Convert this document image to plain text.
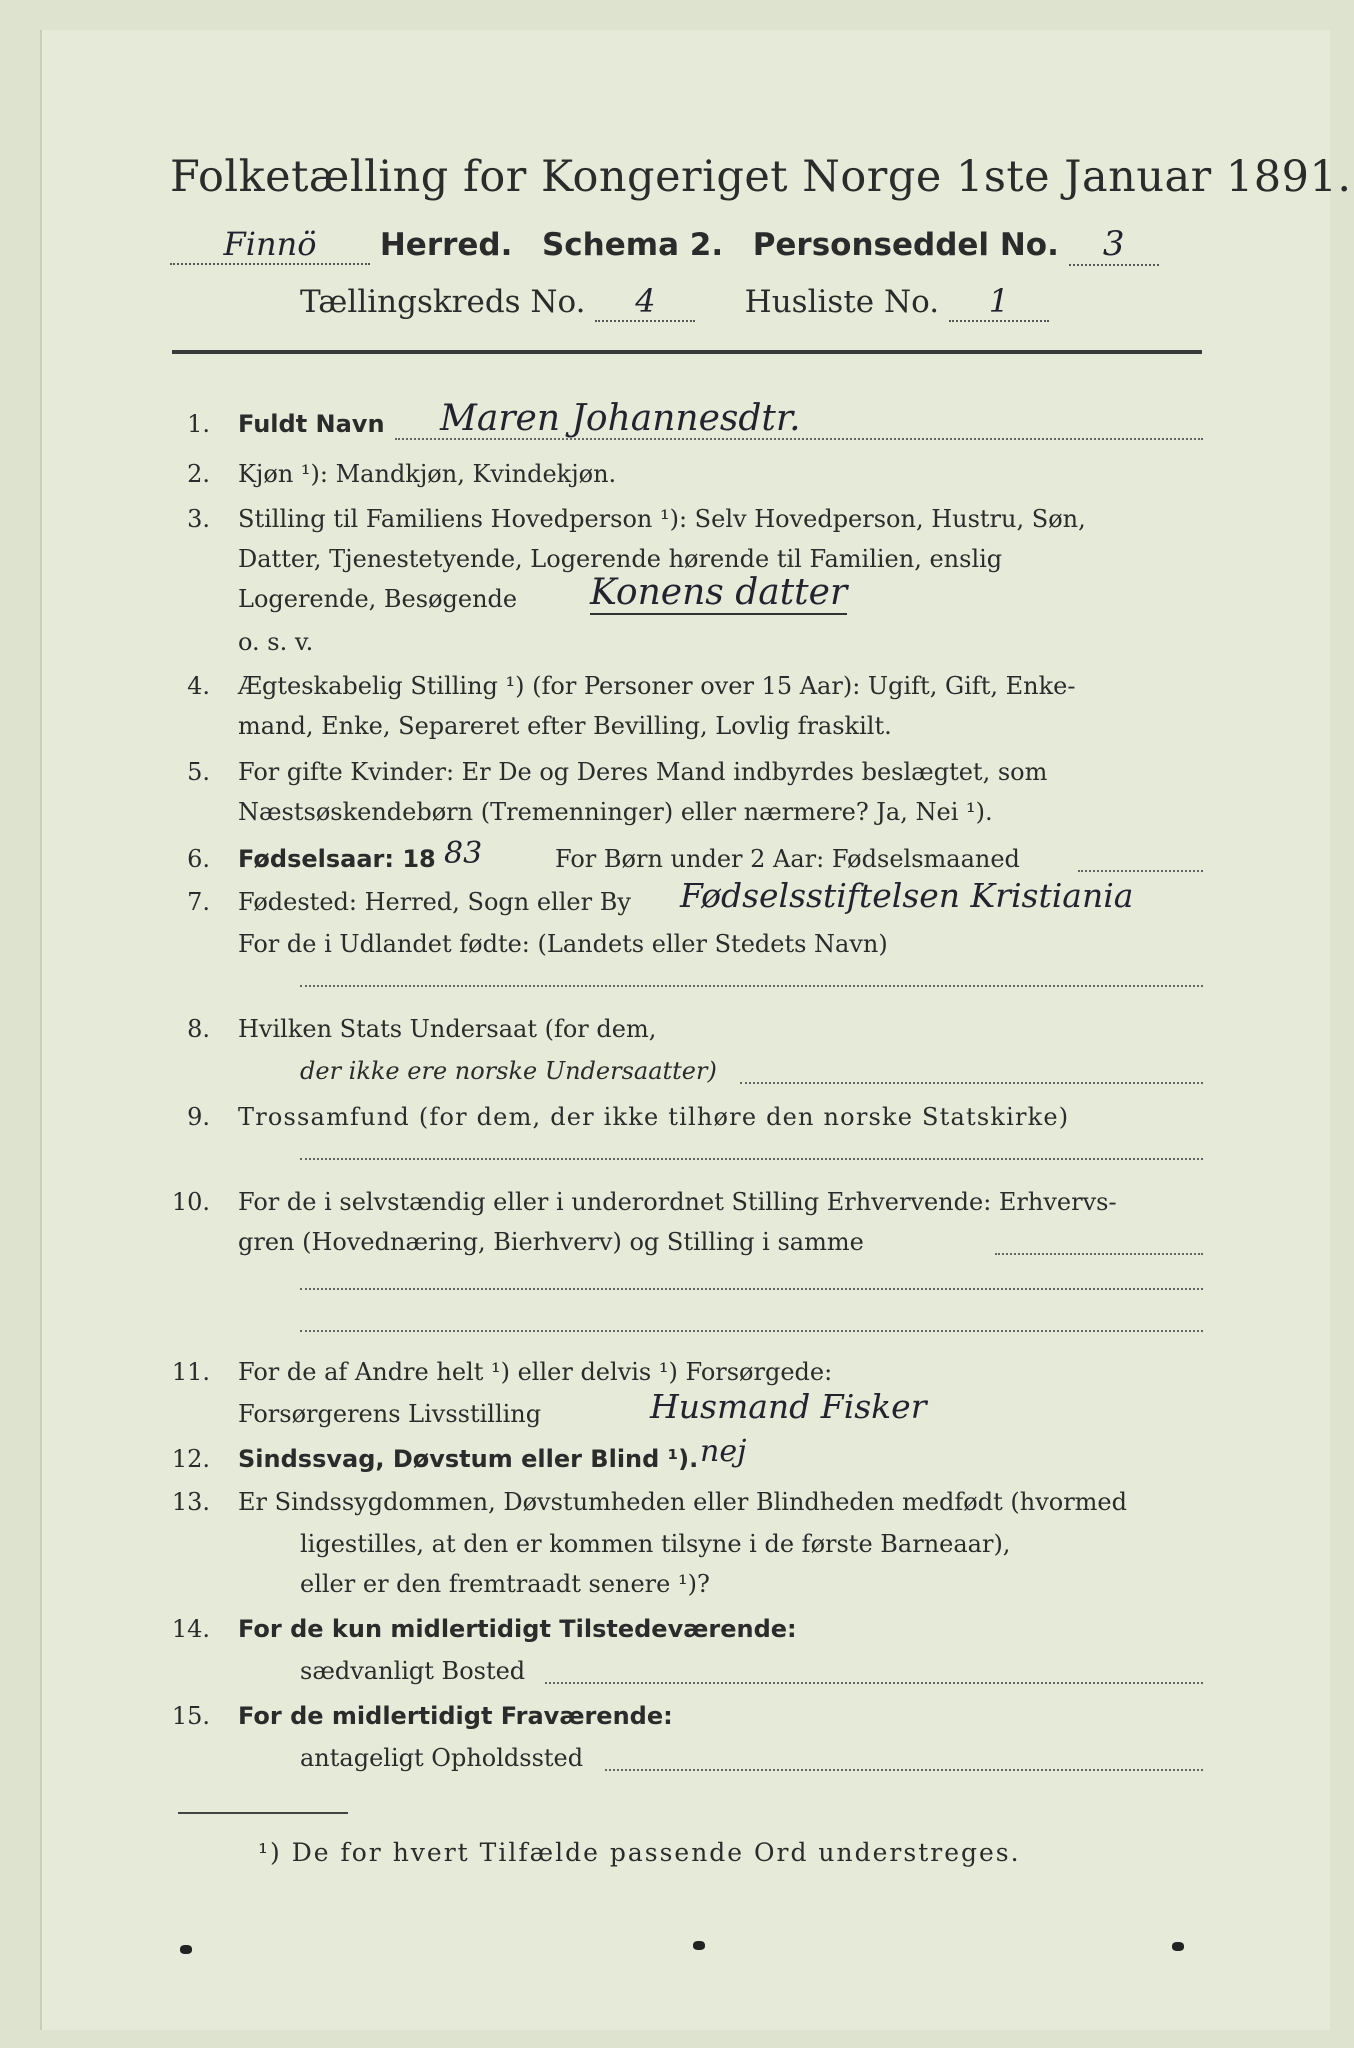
Folketælling for Kongeriget Norge 1ste Januar 1891.
Finnö Herred. Schema 2. Personseddel No. 3
Tællingskreds No. 4	Husliste No. 1
1. Fuldt Navn Maren Johannesdtr.
2. Kjøn ¹): Mandkjøn, Kvindekjøn.
3. Stilling til Familiens Hovedperson ¹): Selv Hovedperson, Hustru, Søn,
Datter, Tjenestetyende, Logerende hørende til Familien, enslig
Logerende, Besøgende Konens datter
o. s. v.
4. Ægteskabelig Stilling ¹) (for Personer over 15 Aar): Ugift, Gift, Enke-
mand, Enke, Separeret efter Bevilling, Lovlig fraskilt.
5. For gifte Kvinder: Er De og Deres Mand indbyrdes beslægtet, som
Næstsøskendebørn (Tremenninger) eller nærmere? Ja, Nei ¹).
6. Fødselsaar: 18 83	For Børn under 2 Aar: Fødselsmaaned
7. Fødested: Herred, Sogn eller By Fødselsstiftelsen Kristiania
For de i Udlandet fødte: (Landets eller Stedets Navn)
8. Hvilken Stats Undersaat (for dem,
der ikke ere norske Undersaatter)
9. Trossamfund (for dem, der ikke tilhøre den norske Statskirke)
10. For de i selvstændig eller i underordnet Stilling Erhvervende: Erhvervs-
gren (Hovednæring, Bierhverv) og Stilling i samme
11. For de af Andre helt ¹) eller delvis ¹) Forsørgede:
Forsørgerens Livsstilling	Husmand Fisker
12. Sindssvag, Døvstum eller Blind ¹). nej
13. Er Sindssygdommen, Døvstumheden eller Blindheden medfødt (hvormed
ligestilles, at den er kommen tilsyne i de første Barneaar),
eller er den fremtraadt senere ¹)?
14. For de kun midlertidigt Tilstedeværende:
sædvanligt Bosted
15. For de midlertidigt Fraværende:
antageligt Opholdssted
¹) De for hvert Tilfælde passende Ord understreges.
